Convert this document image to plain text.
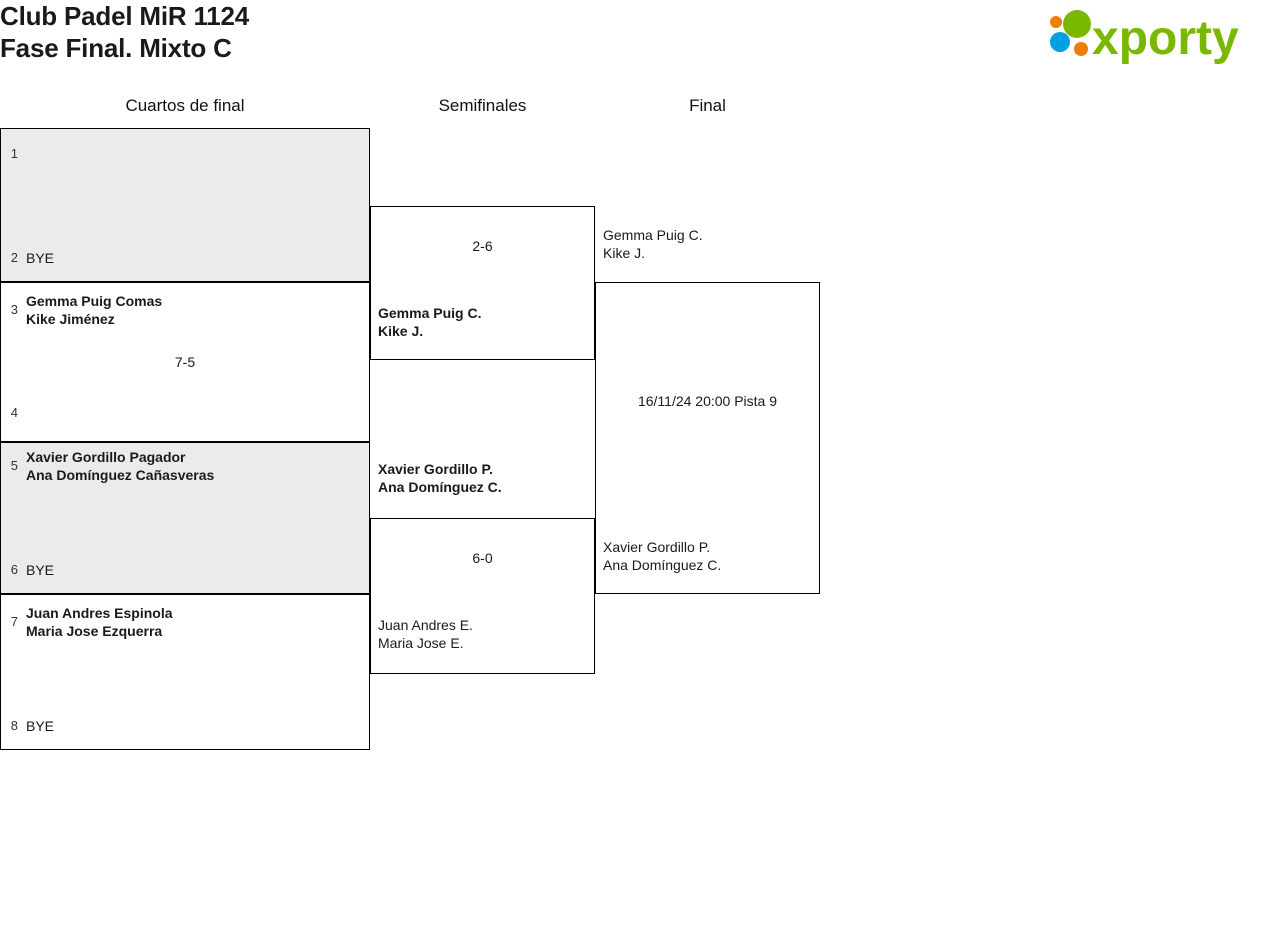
Club Padel MiR 1124
Fase Final. Mixto C	xporty
Cuartos de final	Semifinales	Final
1
2 BYE
3
Gemma Puig Comas
Kike Jiménez
7-5
4
5
Xavier Gordillo Pagador
Ana Domínguez Cañasveras
6 BYE
7
Juan Andres Espinola
Maria Jose Ezquerra
8 BYE
2-6
Gemma Puig C.
Kike J.
Xavier Gordillo P.
Ana Domínguez C.
6-0
Juan Andres E.
Maria Jose E.
Gemma Puig C.
Kike J.
16/11/24 20:00 Pista 9
Xavier Gordillo P.
Ana Domínguez C.
